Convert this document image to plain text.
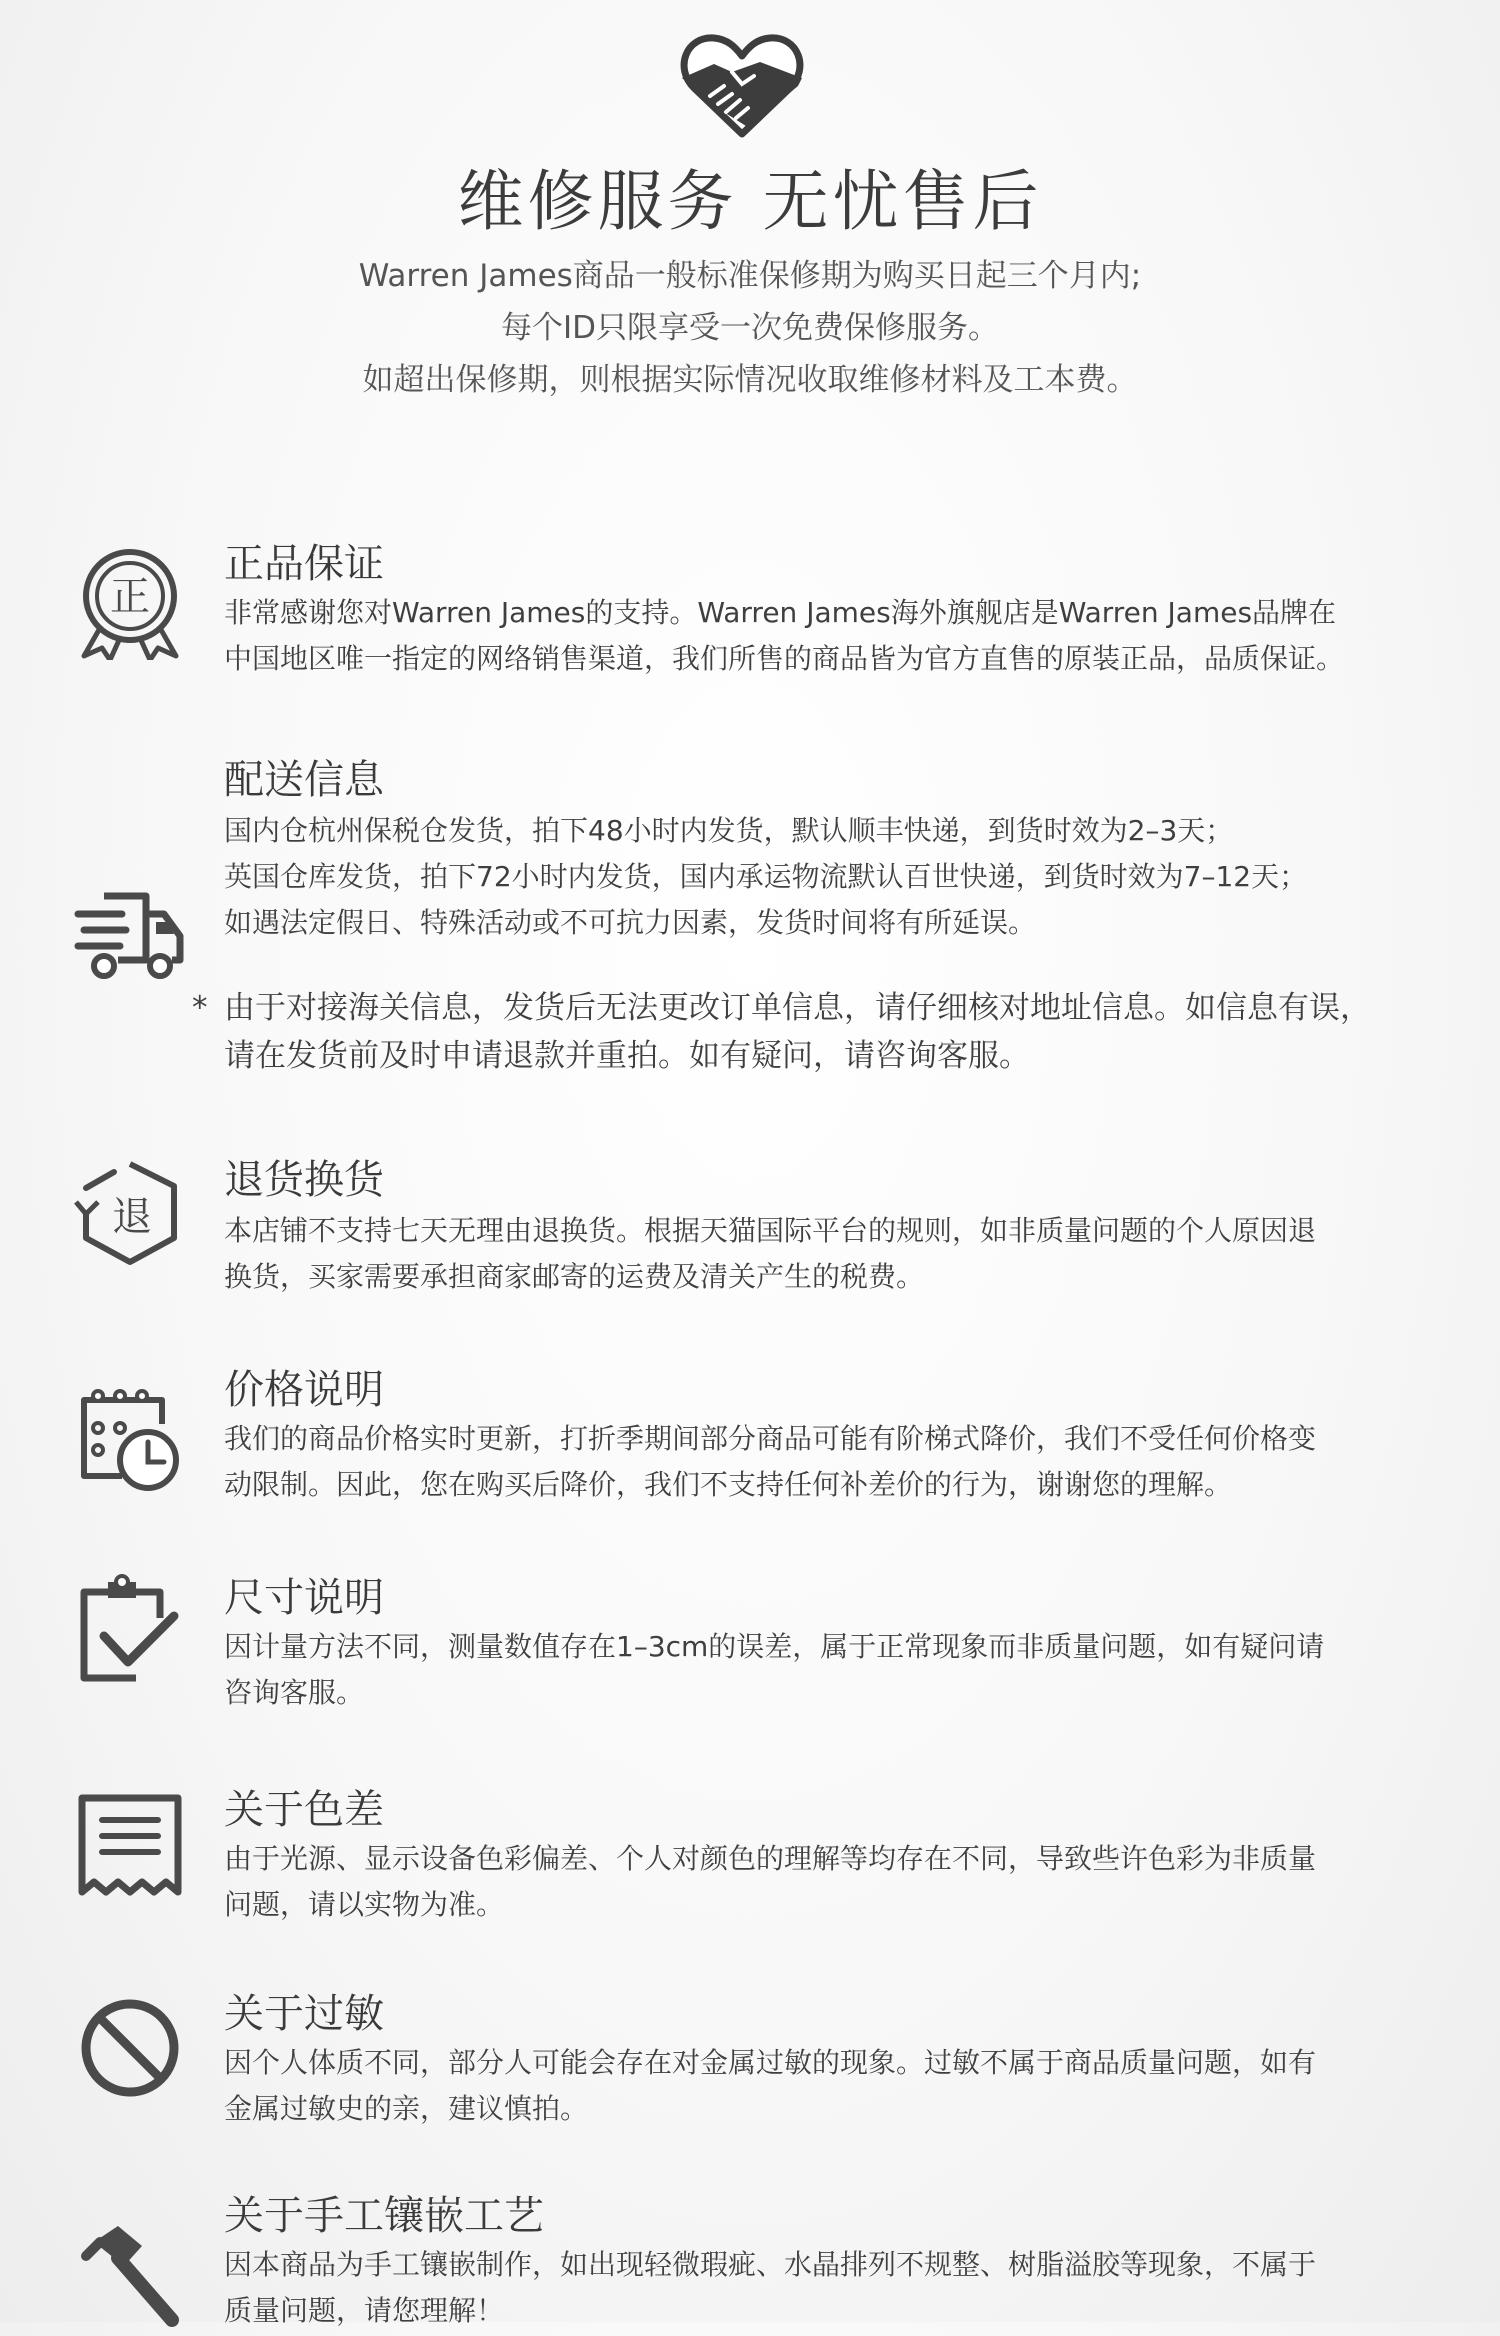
维修服务 无忧售后
Warren James商品一般标准保修期为购买日起三个月内;
每个ID只限享受一次免费保修服务。
如超出保修期，则根据实际情况收取维修材料及工本费。
正
正品保证
非常感谢您对Warren James的支持。Warren James海外旗舰店是Warren James品牌在
中国地区唯一指定的网络销售渠道，我们所售的商品皆为官方直售的原装正品，品质保证。
配送信息
国内仓杭州保税仓发货，拍下48小时内发货，默认顺丰快递，到货时效为2–3天；
英国仓库发货，拍下72小时内发货，国内承运物流默认百世快递，到货时效为7–12天；
如遇法定假日、特殊活动或不可抗力因素，发货时间将有所延误。
* 由于对接海关信息，发货后无法更改订单信息，请仔细核对地址信息。如信息有误，
请在发货前及时申请退款并重拍。如有疑问，请咨询客服。
退
退货换货
本店铺不支持七天无理由退换货。根据天猫国际平台的规则，如非质量问题的个人原因退
换货，买家需要承担商家邮寄的运费及清关产生的税费。
价格说明
我们的商品价格实时更新，打折季期间部分商品可能有阶梯式降价，我们不受任何价格变
动限制。因此，您在购买后降价，我们不支持任何补差价的行为，谢谢您的理解。
尺寸说明
因计量方法不同，测量数值存在1–3cm的误差，属于正常现象而非质量问题，如有疑问请
咨询客服。
关于色差
由于光源、显示设备色彩偏差、个人对颜色的理解等均存在不同，导致些许色彩为非质量
问题，请以实物为准。
关于过敏
因个人体质不同，部分人可能会存在对金属过敏的现象。过敏不属于商品质量问题，如有
金属过敏史的亲，建议慎拍。
关于手工镶嵌工艺
因本商品为手工镶嵌制作，如出现轻微瑕疵、水晶排列不规整、树脂溢胶等现象，不属于
质量问题，请您理解！
